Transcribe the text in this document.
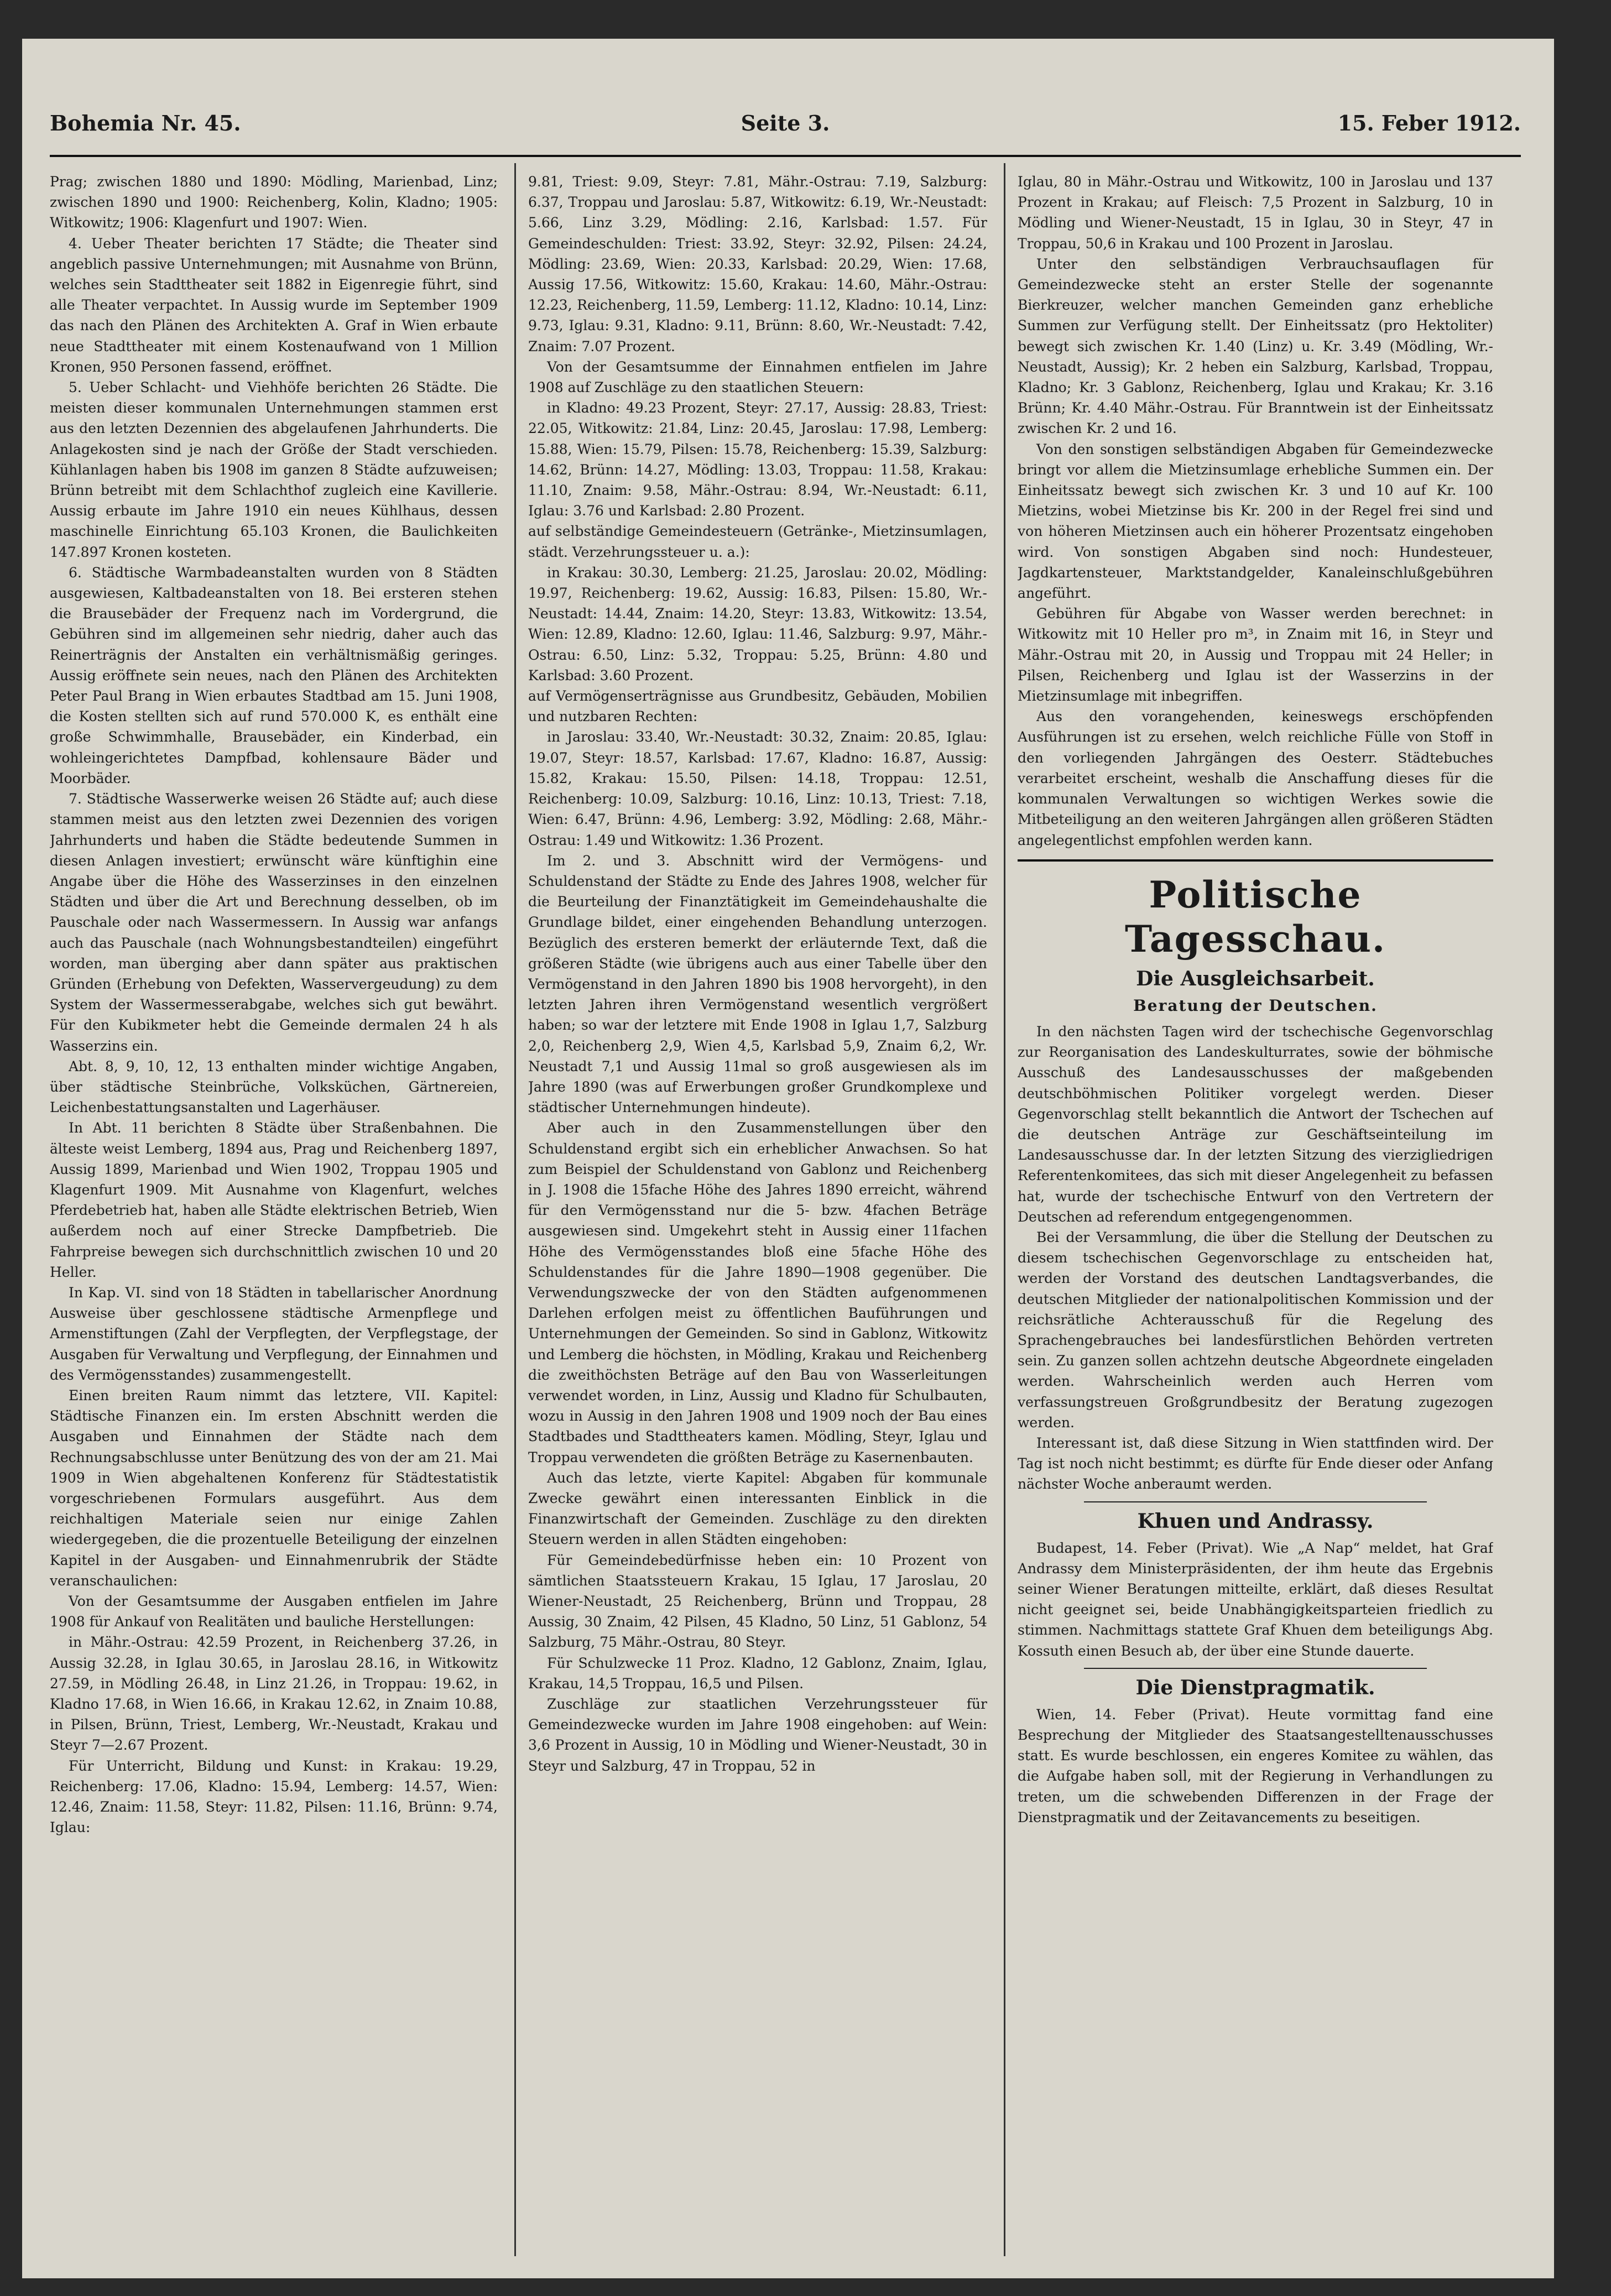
Bohemia Nr. 45.	Seite 3.	15. Feber 1912.

Prag; zwischen 1880 und 1890: Mödling, Marienbad, Linz; zwischen 1890 und 1900: Reichenberg, Kolin, Kladno; 1905: Witkowitz; 1906: Klagenfurt und 1907: Wien.

4. Ueber Theater berichten 17 Städte; die Theater sind angeblich passive Unternehmungen; mit Ausnahme von Brünn, welches sein Stadttheater seit 1882 in Eigenregie führt, sind alle Theater verpachtet. In Aussig wurde im September 1909 das nach den Plänen des Architekten A. Graf in Wien erbaute neue Stadttheater mit einem Kostenaufwand von 1 Million Kronen, 950 Personen fassend, eröffnet.

5. Ueber Schlacht- und Viehhöfe berichten 26 Städte. Die meisten dieser kommunalen Unternehmungen stammen erst aus den letzten Dezennien des abgelaufenen Jahrhunderts. Die Anlagekosten sind je nach der Größe der Stadt verschieden. Kühlanlagen haben bis 1908 im ganzen 8 Städte aufzuweisen; Brünn betreibt mit dem Schlachthof zugleich eine Kavillerie. Aussig erbaute im Jahre 1910 ein neues Kühlhaus, dessen maschinelle Einrichtung 65.103 Kronen, die Baulichkeiten 147.897 Kronen kosteten.

6. Städtische Warmbadeanstalten wurden von 8 Städten ausgewiesen, Kaltbadeanstalten von 18. Bei ersteren stehen die Brausebäder der Frequenz nach im Vordergrund, die Gebühren sind im allgemeinen sehr niedrig, daher auch das Reinerträgnis der Anstalten ein verhältnismäßig geringes. Aussig eröffnete sein neues, nach den Plänen des Architekten Peter Paul Brang in Wien erbautes Stadtbad am 15. Juni 1908, die Kosten stellten sich auf rund 570.000 K, es enthält eine große Schwimmhalle, Brausebäder, ein Kinderbad, ein wohleingerichtetes Dampfbad, kohlensaure Bäder und Moorbäder.

7. Städtische Wasserwerke weisen 26 Städte auf; auch diese stammen meist aus den letzten zwei Dezennien des vorigen Jahrhunderts und haben die Städte bedeutende Summen in diesen Anlagen investiert; erwünscht wäre künftighin eine Angabe über die Höhe des Wasserzinses in den einzelnen Städten und über die Art und Berechnung desselben, ob im Pauschale oder nach Wassermessern. In Aussig war anfangs auch das Pauschale (nach Wohnungsbestandteilen) eingeführt worden, man überging aber dann später aus praktischen Gründen (Erhebung von Defekten, Wasservergeudung) zu dem System der Wassermesserabgabe, welches sich gut bewährt. Für den Kubikmeter hebt die Gemeinde dermalen 24 h als Wasserzins ein.

Abt. 8, 9, 10, 12, 13 enthalten minder wichtige Angaben, über städtische Steinbrüche, Volksküchen, Gärtnereien, Leichenbestattungsanstalten und Lagerhäuser.

In Abt. 11 berichten 8 Städte über Straßenbahnen. Die älteste weist Lemberg, 1894 aus, Prag und Reichenberg 1897, Aussig 1899, Marienbad und Wien 1902, Troppau 1905 und Klagenfurt 1909. Mit Ausnahme von Klagenfurt, welches Pferdebetrieb hat, haben alle Städte elektrischen Betrieb, Wien außerdem noch auf einer Strecke Dampfbetrieb. Die Fahrpreise bewegen sich durchschnittlich zwischen 10 und 20 Heller.

In Kap. VI. sind von 18 Städten in tabellarischer Anordnung Ausweise über geschlossene städtische Armenpflege und Armenstiftungen (Zahl der Verpflegten, der Verpflegstage, der Ausgaben für Verwaltung und Verpflegung, der Einnahmen und des Vermögensstandes) zusammengestellt.

Einen breiten Raum nimmt das letztere, VII. Kapitel: Städtische Finanzen ein. Im ersten Abschnitt werden die Ausgaben und Einnahmen der Städte nach dem Rechnungsabschlusse unter Benützung des von der am 21. Mai 1909 in Wien abgehaltenen Konferenz für Städtestatistik vorgeschriebenen Formulars ausgeführt. Aus dem reichhaltigen Materiale seien nur einige Zahlen wiedergegeben, die die prozentuelle Beteiligung der einzelnen Kapitel in der Ausgaben- und Einnahmenrubrik der Städte veranschaulichen:

Von der Gesamtsumme der Ausgaben entfielen im Jahre 1908 für Ankauf von Realitäten und bauliche Herstellungen:

in Mähr.-Ostrau: 42.59 Prozent, in Reichenberg 37.26, in Aussig 32.28, in Iglau 30.65, in Jaroslau 28.16, in Witkowitz 27.59, in Mödling 26.48, in Linz 21.26, in Troppau: 19.62, in Kladno 17.68, in Wien 16.66, in Krakau 12.62, in Znaim 10.88, in Pilsen, Brünn, Triest, Lemberg, Wr.-Neustadt, Krakau und Steyr 7—2.67 Prozent.

Für Unterricht, Bildung und Kunst: in Krakau: 19.29, Reichenberg: 17.06, Kladno: 15.94, Lemberg: 14.57, Wien: 12.46, Znaim: 11.58, Steyr: 11.82, Pilsen: 11.16, Brünn: 9.74, Iglau:

9.81, Triest: 9.09, Steyr: 7.81, Mähr.-Ostrau: 7.19, Salzburg: 6.37, Troppau und Jaroslau: 5.87, Witkowitz: 6.19, Wr.-Neustadt: 5.66, Linz 3.29, Mödling: 2.16, Karlsbad: 1.57. Für Gemeindeschulden: Triest: 33.92, Steyr: 32.92, Pilsen: 24.24, Mödling: 23.69, Wien: 20.33, Karlsbad: 20.29, Wien: 17.68, Aussig 17.56, Witkowitz: 15.60, Krakau: 14.60, Mähr.-Ostrau: 12.23, Reichenberg, 11.59, Lemberg: 11.12, Kladno: 10.14, Linz: 9.73, Iglau: 9.31, Kladno: 9.11, Brünn: 8.60, Wr.-Neustadt: 7.42, Znaim: 7.07 Prozent.

Von der Gesamtsumme der Einnahmen entfielen im Jahre 1908 auf Zuschläge zu den staatlichen Steuern:

in Kladno: 49.23 Prozent, Steyr: 27.17, Aussig: 28.83, Triest: 22.05, Witkowitz: 21.84, Linz: 20.45, Jaroslau: 17.98, Lemberg: 15.88, Wien: 15.79, Pilsen: 15.78, Reichenberg: 15.39, Salzburg: 14.62, Brünn: 14.27, Mödling: 13.03, Troppau: 11.58, Krakau: 11.10, Znaim: 9.58, Mähr.-Ostrau: 8.94, Wr.-Neustadt: 6.11, Iglau: 3.76 und Karlsbad: 2.80 Prozent.

auf selbständige Gemeindesteuern (Getränke-, Mietzinsumlagen, städt. Verzehrungssteuer u. a.):

in Krakau: 30.30, Lemberg: 21.25, Jaroslau: 20.02, Mödling: 19.97, Reichenberg: 19.62, Aussig: 16.83, Pilsen: 15.80, Wr.-Neustadt: 14.44, Znaim: 14.20, Steyr: 13.83, Witkowitz: 13.54, Wien: 12.89, Kladno: 12.60, Iglau: 11.46, Salzburg: 9.97, Mähr.-Ostrau: 6.50, Linz: 5.32, Troppau: 5.25, Brünn: 4.80 und Karlsbad: 3.60 Prozent.

auf Vermögenserträgnisse aus Grundbesitz, Gebäuden, Mobilien und nutzbaren Rechten:

in Jaroslau: 33.40, Wr.-Neustadt: 30.32, Znaim: 20.85, Iglau: 19.07, Steyr: 18.57, Karlsbad: 17.67, Kladno: 16.87, Aussig: 15.82, Krakau: 15.50, Pilsen: 14.18, Troppau: 12.51, Reichenberg: 10.09, Salzburg: 10.16, Linz: 10.13, Triest: 7.18, Wien: 6.47, Brünn: 4.96, Lemberg: 3.92, Mödling: 2.68, Mähr.-Ostrau: 1.49 und Witkowitz: 1.36 Prozent.

Im 2. und 3. Abschnitt wird der Vermögens- und Schuldenstand der Städte zu Ende des Jahres 1908, welcher für die Beurteilung der Finanztätigkeit im Gemeindehaushalte die Grundlage bildet, einer eingehenden Behandlung unterzogen. Bezüglich des ersteren bemerkt der erläuternde Text, daß die größeren Städte (wie übrigens auch aus einer Tabelle über den Vermögenstand in den Jahren 1890 bis 1908 hervorgeht), in den letzten Jahren ihren Vermögenstand wesentlich vergrößert haben; so war der letztere mit Ende 1908 in Iglau 1,7, Salzburg 2,0, Reichenberg 2,9, Wien 4,5, Karlsbad 5,9, Znaim 6,2, Wr. Neustadt 7,1 und Aussig 11mal so groß ausgewiesen als im Jahre 1890 (was auf Erwerbungen großer Grundkomplexe und städtischer Unternehmungen hindeute).

Aber auch in den Zusammenstellungen über den Schuldenstand ergibt sich ein erheblicher Anwachsen. So hat zum Beispiel der Schuldenstand von Gablonz und Reichenberg in J. 1908 die 15fache Höhe des Jahres 1890 erreicht, während für den Vermögensstand nur die 5- bzw. 4fachen Beträge ausgewiesen sind. Umgekehrt steht in Aussig einer 11fachen Höhe des Vermögensstandes bloß eine 5fache Höhe des Schuldenstandes für die Jahre 1890—1908 gegenüber. Die Verwendungszwecke der von den Städten aufgenommenen Darlehen erfolgen meist zu öffentlichen Bauführungen und Unternehmungen der Gemeinden. So sind in Gablonz, Witkowitz und Lemberg die höchsten, in Mödling, Krakau und Reichenberg die zweithöchsten Beträge auf den Bau von Wasserleitungen verwendet worden, in Linz, Aussig und Kladno für Schulbauten, wozu in Aussig in den Jahren 1908 und 1909 noch der Bau eines Stadtbades und Stadttheaters kamen. Mödling, Steyr, Iglau und Troppau verwendeten die größten Beträge zu Kasernenbauten.

Auch das letzte, vierte Kapitel: Abgaben für kommunale Zwecke gewährt einen interessanten Einblick in die Finanzwirtschaft der Gemeinden. Zuschläge zu den direkten Steuern werden in allen Städten eingehoben:

Für Gemeindebedürfnisse heben ein: 10 Prozent von sämtlichen Staatssteuern Krakau, 15 Iglau, 17 Jaroslau, 20 Wiener-Neustadt, 25 Reichenberg, Brünn und Troppau, 28 Aussig, 30 Znaim, 42 Pilsen, 45 Kladno, 50 Linz, 51 Gablonz, 54 Salzburg, 75 Mähr.-Ostrau, 80 Steyr.

Für Schulzwecke 11 Proz. Kladno, 12 Gablonz, Znaim, Iglau, Krakau, 14,5 Troppau, 16,5 und Pilsen.

Zuschläge zur staatlichen Verzehrungssteuer für Gemeindezwecke wurden im Jahre 1908 eingehoben: auf Wein: 3,6 Prozent in Aussig, 10 in Mödling und Wiener-Neustadt, 30 in Steyr und Salzburg, 47 in Troppau, 52 in

Iglau, 80 in Mähr.-Ostrau und Witkowitz, 100 in Jaroslau und 137 Prozent in Krakau; auf Fleisch: 7,5 Prozent in Salzburg, 10 in Mödling und Wiener-Neustadt, 15 in Iglau, 30 in Steyr, 47 in Troppau, 50,6 in Krakau und 100 Prozent in Jaroslau.

Unter den selbständigen Verbrauchsauflagen für Gemeindezwecke steht an erster Stelle der sogenannte Bierkreuzer, welcher manchen Gemeinden ganz erhebliche Summen zur Verfügung stellt. Der Einheitssatz (pro Hektoliter) bewegt sich zwischen Kr. 1.40 (Linz) u. Kr. 3.49 (Mödling, Wr.-Neustadt, Aussig); Kr. 2 heben ein Salzburg, Karlsbad, Troppau, Kladno; Kr. 3 Gablonz, Reichenberg, Iglau und Krakau; Kr. 3.16 Brünn; Kr. 4.40 Mähr.-Ostrau. Für Branntwein ist der Einheitssatz zwischen Kr. 2 und 16.

Von den sonstigen selbständigen Abgaben für Gemeindezwecke bringt vor allem die Mietzinsumlage erhebliche Summen ein. Der Einheitssatz bewegt sich zwischen Kr. 3 und 10 auf Kr. 100 Mietzins, wobei Mietzinse bis Kr. 200 in der Regel frei sind und von höheren Mietzinsen auch ein höherer Prozentsatz eingehoben wird. Von sonstigen Abgaben sind noch: Hundesteuer, Jagdkartensteuer, Marktstandgelder, Kanaleinschlußgebühren angeführt.

Gebühren für Abgabe von Wasser werden berechnet: in Witkowitz mit 10 Heller pro m³, in Znaim mit 16, in Steyr und Mähr.-Ostrau mit 20, in Aussig und Troppau mit 24 Heller; in Pilsen, Reichenberg und Iglau ist der Wasserzins in der Mietzinsumlage mit inbegriffen.

Aus den vorangehenden, keineswegs erschöpfenden Ausführungen ist zu ersehen, welch reichliche Fülle von Stoff in den vorliegenden Jahrgängen des Oesterr. Städtebuches verarbeitet erscheint, weshalb die Anschaffung dieses für die kommunalen Verwaltungen so wichtigen Werkes sowie die Mitbeteiligung an den weiteren Jahrgängen allen größeren Städten angelegentlichst empfohlen werden kann.

Politische Tagesschau.
Die Ausgleichsarbeit.
Beratung der Deutschen.

In den nächsten Tagen wird der tschechische Gegenvorschlag zur Reorganisation des Landeskulturrates, sowie der böhmische Ausschuß des Landesausschusses der maßgebenden deutschböhmischen Politiker vorgelegt werden. Dieser Gegenvorschlag stellt bekanntlich die Antwort der Tschechen auf die deutschen Anträge zur Geschäftseinteilung im Landesausschusse dar. In der letzten Sitzung des vierzigliedrigen Referentenkomitees, das sich mit dieser Angelegenheit zu befassen hat, wurde der tschechische Entwurf von den Vertretern der Deutschen ad referendum entgegengenommen.

Bei der Versammlung, die über die Stellung der Deutschen zu diesem tschechischen Gegenvorschlage zu entscheiden hat, werden der Vorstand des deutschen Landtagsverbandes, die deutschen Mitglieder der nationalpolitischen Kommission und der reichsrätliche Achterausschuß für die Regelung des Sprachengebrauches bei landesfürstlichen Behörden vertreten sein. Zu ganzen sollen achtzehn deutsche Abgeordnete eingeladen werden. Wahrscheinlich werden auch Herren vom verfassungstreuen Großgrundbesitz der Beratung zugezogen werden.

Interessant ist, daß diese Sitzung in Wien stattfinden wird. Der Tag ist noch nicht bestimmt; es dürfte für Ende dieser oder Anfang nächster Woche anberaumt werden.

Khuen und Andrassy.

Budapest, 14. Feber (Privat). Wie „A Nap“ meldet, hat Graf Andrassy dem Ministerpräsidenten, der ihm heute das Ergebnis seiner Wiener Beratungen mitteilte, erklärt, daß dieses Resultat nicht geeignet sei, beide Unabhängigkeitsparteien friedlich zu stimmen. Nachmittags stattete Graf Khuen dem beteiligungs Abg. Kossuth einen Besuch ab, der über eine Stunde dauerte.

Die Dienstpragmatik.

Wien, 14. Feber (Privat). Heute vormittag fand eine Besprechung der Mitglieder des Staatsangestelltenausschusses statt. Es wurde beschlossen, ein engeres Komitee zu wählen, das die Aufgabe haben soll, mit der Regierung in Verhandlungen zu treten, um die schwebenden Differenzen in der Frage der Dienstpragmatik und der Zeitavancements zu beseitigen.
